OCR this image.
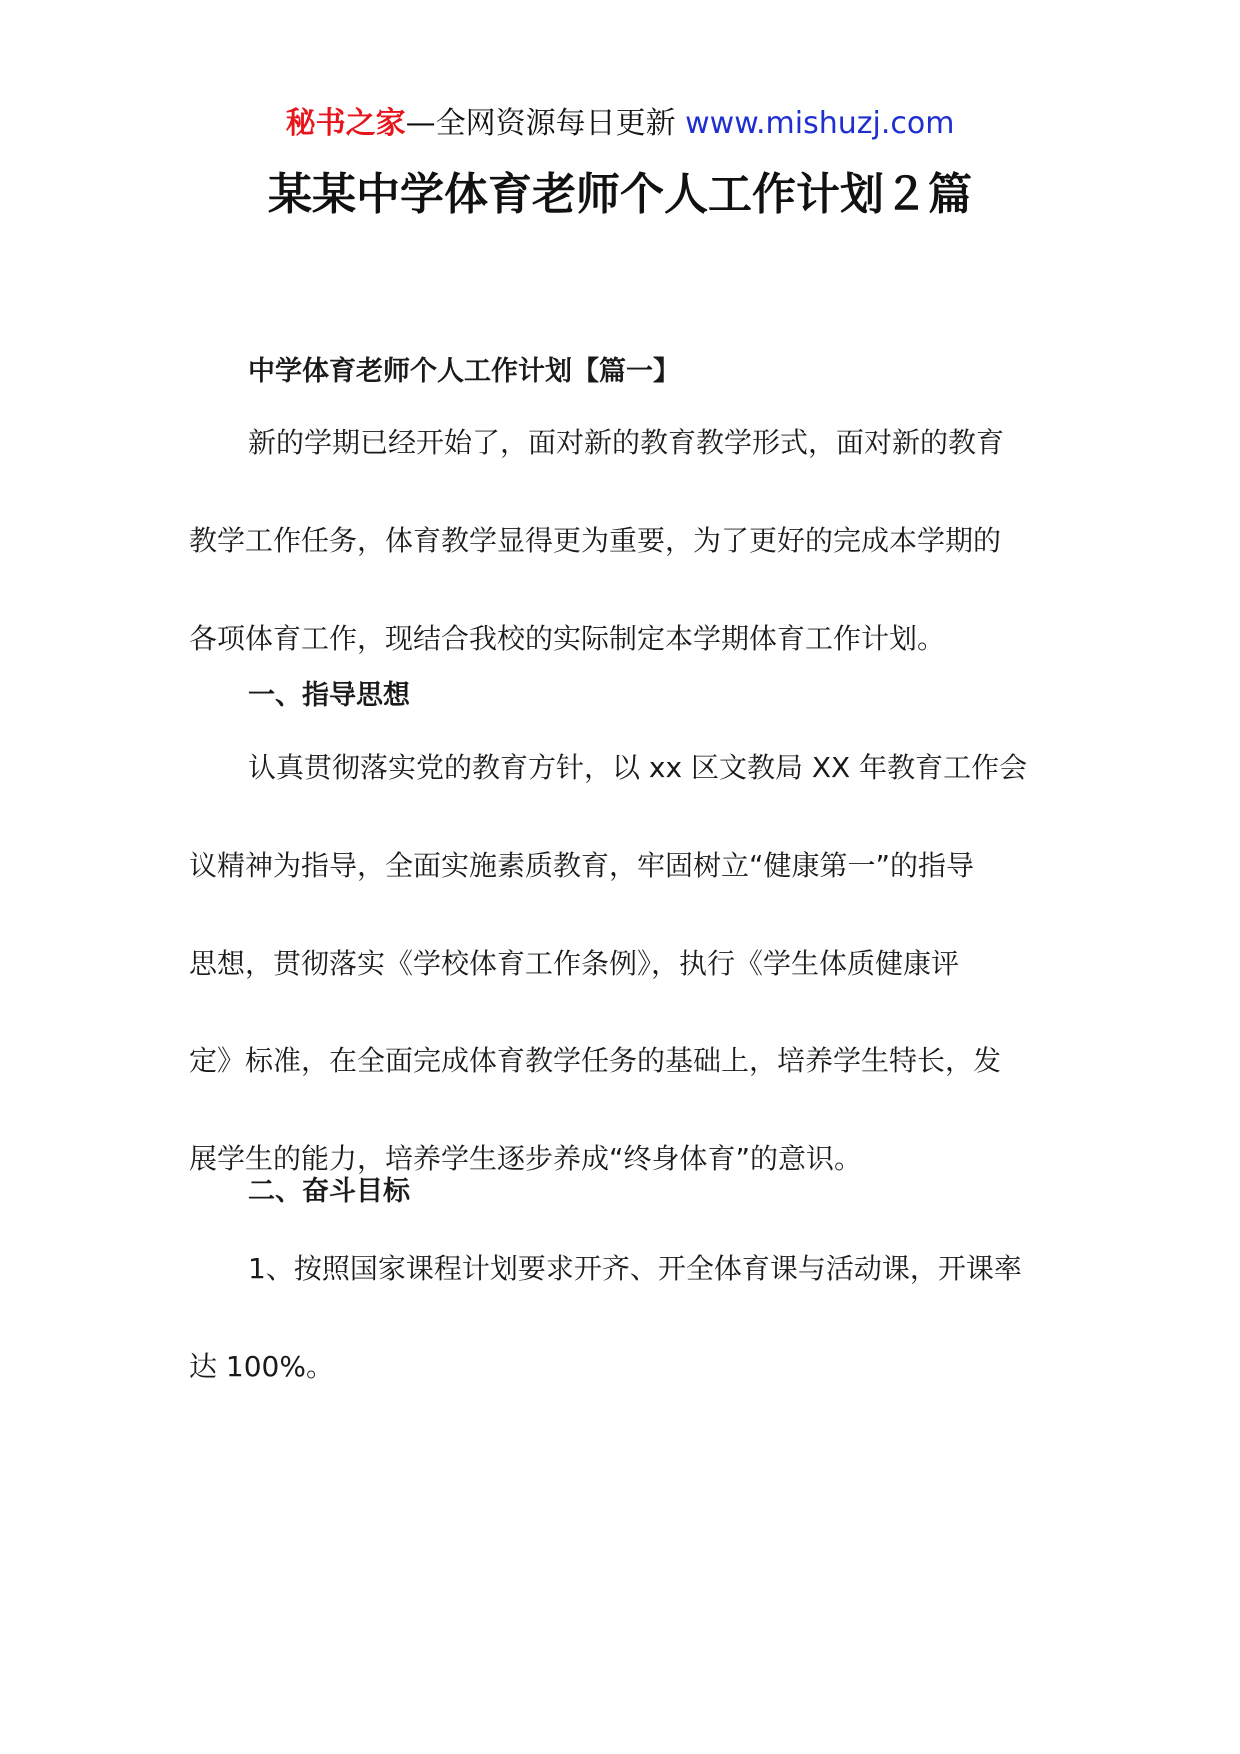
秘书之家—全网资源每日更新 www.mishuzj.com
某某中学体育老师个人工作计划２篇
中学体育老师个人工作计划【篇一】
新的学期已经开始了，面对新的教育教学形式，面对新的教育
教学工作任务，体育教学显得更为重要，为了更好的完成本学期的
各项体育工作，现结合我校的实际制定本学期体育工作计划。
一、指导思想
认真贯彻落实党的教育方针，以 xx 区文教局 XX 年教育工作会
议精神为指导，全面实施素质教育，牢固树立“健康第一”的指导
思想，贯彻落实《学校体育工作条例》，执行《学生体质健康评
定》标准，在全面完成体育教学任务的基础上，培养学生特长，发
展学生的能力，培养学生逐步养成“终身体育”的意识。
二、奋斗目标
1、按照国家课程计划要求开齐、开全体育课与活动课，开课率
达 100%。
